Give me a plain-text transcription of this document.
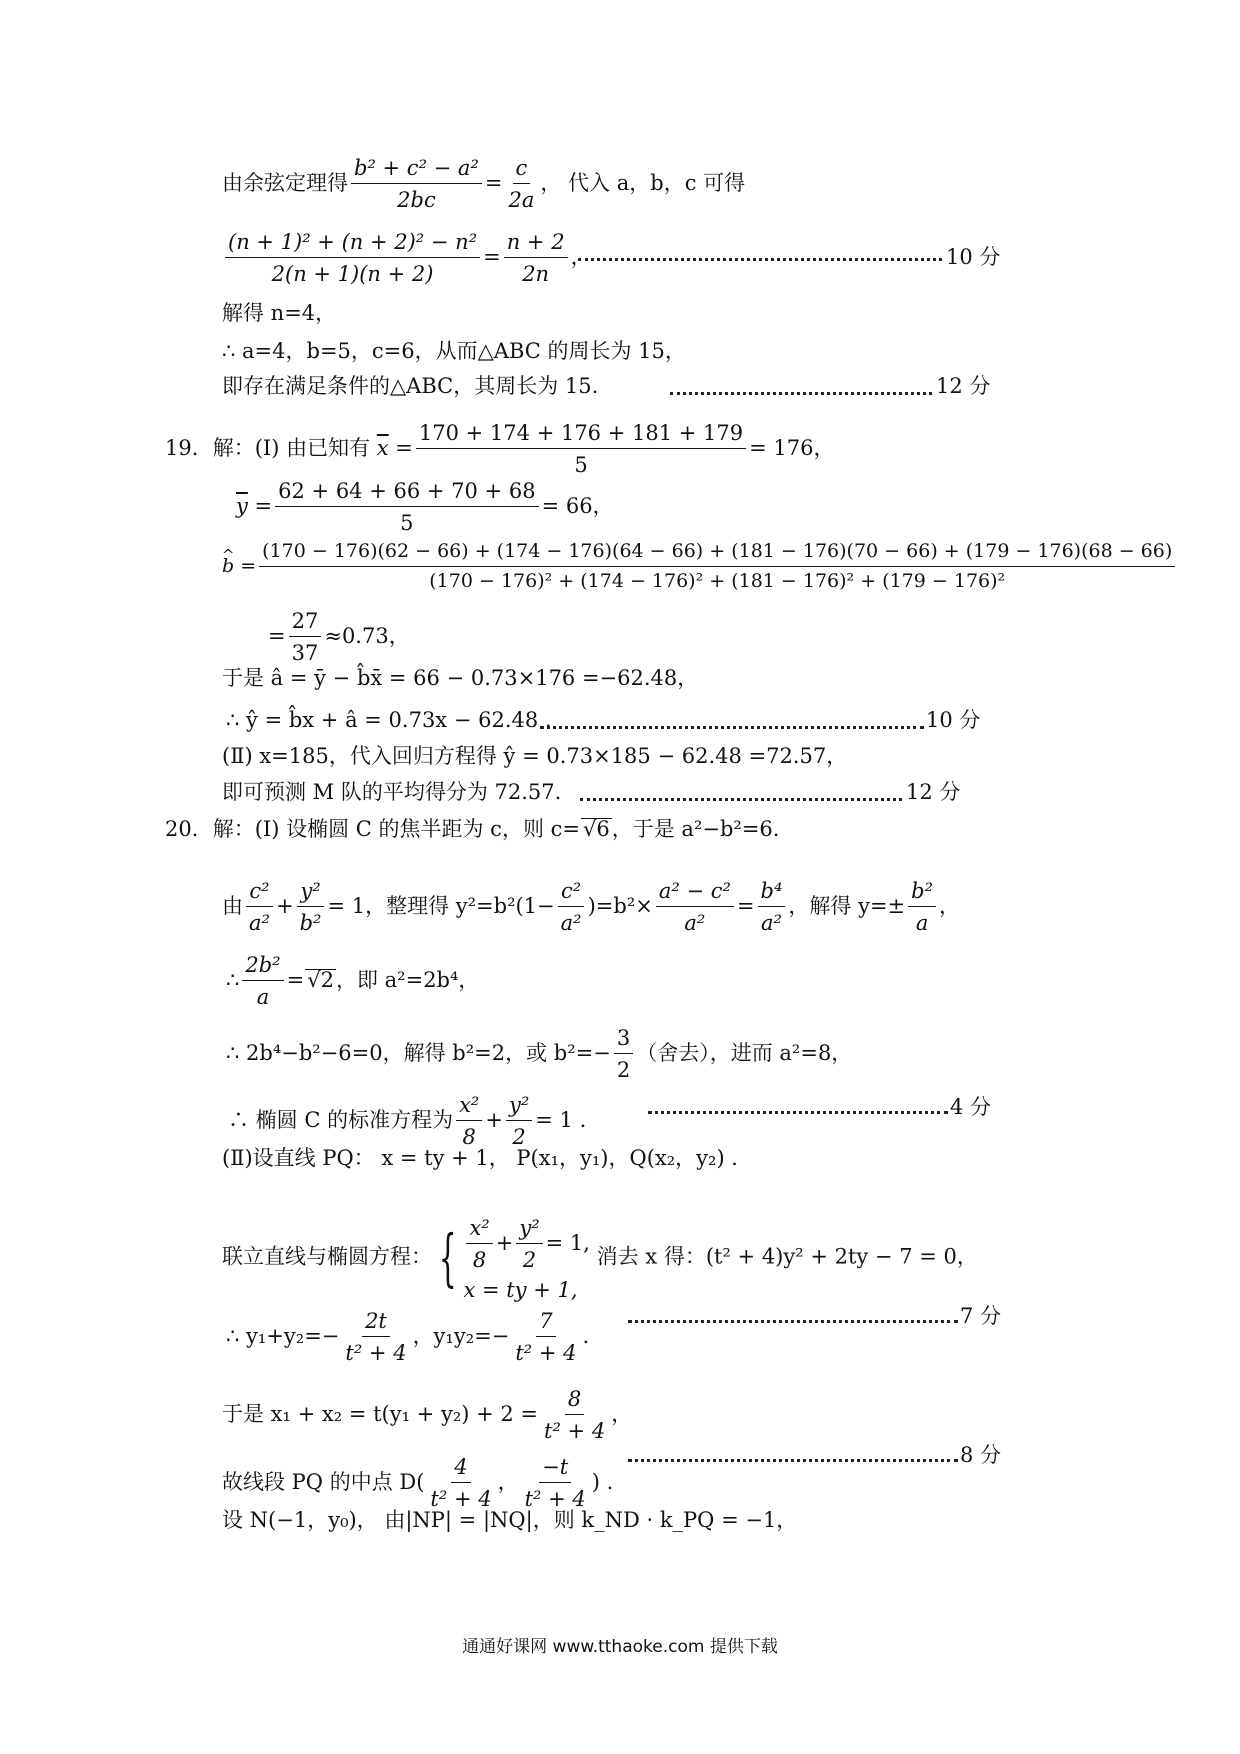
由余弦定理得 $\frac{\text{b² + c² − a²}}{2bc} = \frac{c}{2a}$ ， 代入 a，b，c 可得
$\frac{\text{(n + 1)² + (n + 2)² − n²}}{2(n + 1)(n + 2)} = \frac{n + 2}{2n}$ ，	10 分
解得 n=4，
∴ a=4，b=5，c=6，从而△ABC 的周长为 15，
即存在满足条件的△ABC，其周长为 15.	12 分
19．解：(Ⅰ) 由已知有 $\overline{x} = \frac{170 + 174 + 176 + 181 + 179}{5} = 176$，
$\overline{y} = \frac{62 + 64 + 66 + 70 + 68}{5} = 66$，
^ b =
(170 − 176)(62 − 66) + (174 − 176)(64 − 66) + (181 − 176)(70 − 66) + (179 − 176)(68 − 66)
(170 − 176)² + (174 − 176)² + (181 − 176)² + (179 − 176)²
= $\frac{27}{37} \approx 0.73$，
于是 â = ȳ − b̂x̄ = 66 − 0.73×176 =−62.48，
∴ ŷ = b̂x + â = 0.73x − 62.48 .	10 分
(Ⅱ) x=185，代入回归方程得 ŷ = 0.73×185 − 62.48 =72.57，
即可预测 M 队的平均得分为 72.57.	12 分
20．解：(Ⅰ) 设椭圆 C 的焦半距为 c，则 c= √6，于是 a²−b²=6.
由 $\frac{\text{c²}}{\text{a²}} + \frac{\text{y²}}{\text{b²}} = 1$，整理得 $y^2=b^2(1- \frac{\text{c²}}{\text{a²}} )=b^2\times \frac{\text{a² − c²}}{\text{a²}} = \frac{\text{b⁴}}{\text{a²}}$ ，解得 $y=\pm \frac{\text{b²}}{a}$ ，
∴ $\frac{\text{2b²}}{a} = √2$，即 a²=2b⁴，
∴ 2b⁴−b²−6=0，解得 b²=2，或 $b^2=- \frac{3}{2}$ （舍去），进而 a²=8，
∴ 椭圆 C 的标准方程为 $\frac{\text{x²}}{8} + \frac{\text{y²}}{2} = 1$ .
4 分
(Ⅱ)设直线 PQ： x = ty + 1， P(x₁，y₁)，Q(x₂，y₂) .
联立直线与椭圆方程： { $\frac{\text{x²}}{8} + \frac{\text{y²}}{2} = 1$,
x = ty + 1,
消去 x 得：(t² + 4)y² + 2ty − 7 = 0，
∴ $y_1+y_2=- \frac{2t}{\text{t² + 4}}$ ，$y_1y_2=- \frac{7}{\text{t² + 4}}$ .
7 分
于是 $x_1 + x_2 = t(y_1 + y_2) + 2 = \frac{8}{\text{t² + 4}}$ ，
故线段 PQ 的中点 $D( \frac{4}{\text{t² + 4}}$ ， $\frac{-t}{\text{t² + 4}}$ ) .
8 分
设 N(−1，y₀)， 由|NP| = |NQ|，则 k_ND · k_PQ = −1，
通通好课网 www.tthaoke.com 提供下载
